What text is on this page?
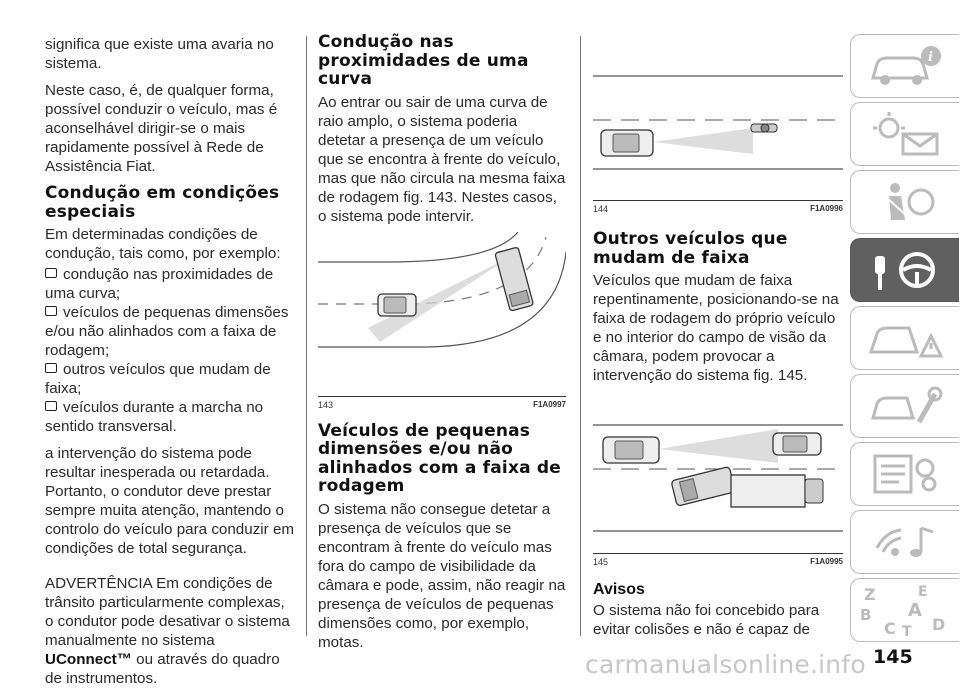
significa que existe uma avaria no sistema.

Neste caso, é, de qualquer forma, possível conduzir o veículo, mas é aconselhável dirigir-se o mais rapidamente possível à Rede de Assistência Fiat.

Condução em condições especiais

Em determinadas condições de condução, tais como, por exemplo:

condução nas proximidades de uma curva;
veículos de pequenas dimensões e/ou não alinhados com a faixa de rodagem;
outros veículos que mudam de faixa;
veículos durante a marcha no sentido transversal.

a intervenção do sistema pode resultar inesperada ou retardada. Portanto, o condutor deve prestar sempre muita atenção, mantendo o controlo do veículo para conduzir em condições de total segurança.

ADVERTÊNCIA Em condições de trânsito particularmente complexas, o condutor pode desativar o sistema manualmente no sistema UConnect™ ou através do quadro de instrumentos.

Condução nas proximidades de uma curva

Ao entrar ou sair de uma curva de raio amplo, o sistema poderia detetar a presença de um veículo que se encontra à frente do veículo, mas que não circula na mesma faixa de rodagem fig. 143. Nestes casos, o sistema pode intervir.

143	F1A0997
Veículos de pequenas dimensões e/ou não alinhados com a faixa de rodagem

O sistema não consegue detetar a presença de veículos que se encontram à frente do veículo mas fora do campo de visibilidade da câmara e pode, assim, não reagir na presença de veículos de pequenas dimensões como, por exemplo, motas.

144	F1A0996
Outros veículos que mudam de faixa

Veículos que mudam de faixa repentinamente, posicionando-se na faixa de rodagem do próprio veículo e no interior do campo de visão da câmara, podem provocar a intervenção do sistema fig. 145.

145	F1A0995
Avisos

O sistema não foi concebido para evitar colisões e não é capaz de

i
Z	E
B A
C T D
carmanualsonline.info 145
